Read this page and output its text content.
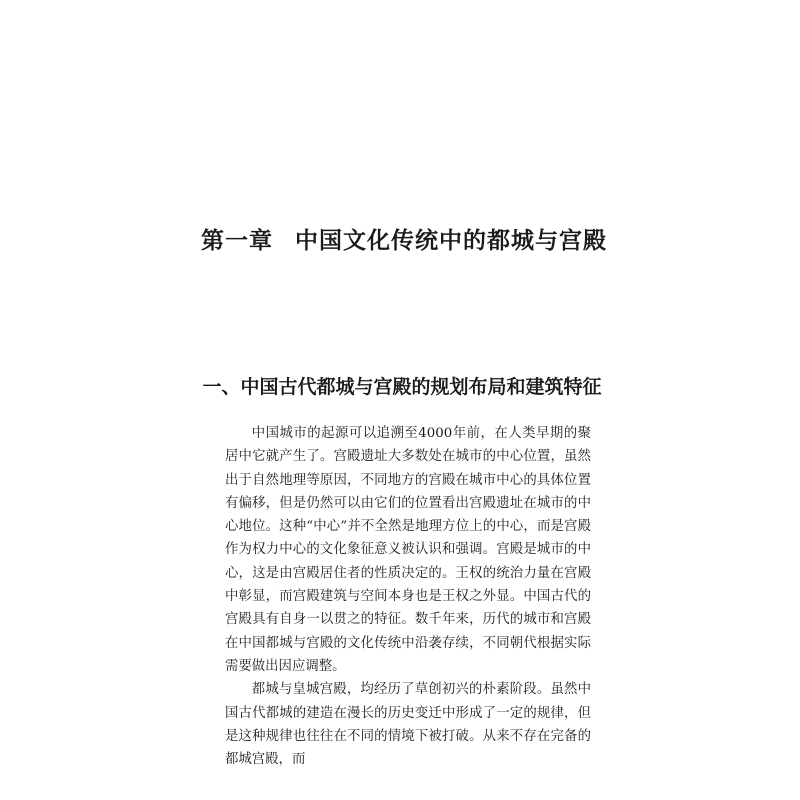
第一章 中国文化传统中的都城与宫殿
一、中国古代都城与宫殿的规划布局和建筑特征

中国城市的起源可以追溯至4000年前，在人类早期的聚居中它就产生了。宫殿遗址大多数处在城市的中心位置，虽然出于自然地理等原因，不同地方的宫殿在城市中心的具体位置有偏移，但是仍然可以由它们的位置看出宫殿遗址在城市的中心地位。这种“中心”并不全然是地理方位上的中心，而是宫殿作为权力中心的文化象征意义被认识和强调。宫殿是城市的中心，这是由宫殿居住者的性质决定的。王权的统治力量在宫殿中彰显，而宫殿建筑与空间本身也是王权之外显。中国古代的宫殿具有自身一以贯之的特征。数千年来，历代的城市和宫殿在中国都城与宫殿的文化传统中沿袭存续，不同朝代根据实际需要做出因应调整。

都城与皇城宫殿，均经历了草创初兴的朴素阶段。虽然中国古代都城的建造在漫长的历史变迁中形成了一定的规律，但是这种规律也往往在不同的情境下被打破。从来不存在完备的都城宫殿，而
